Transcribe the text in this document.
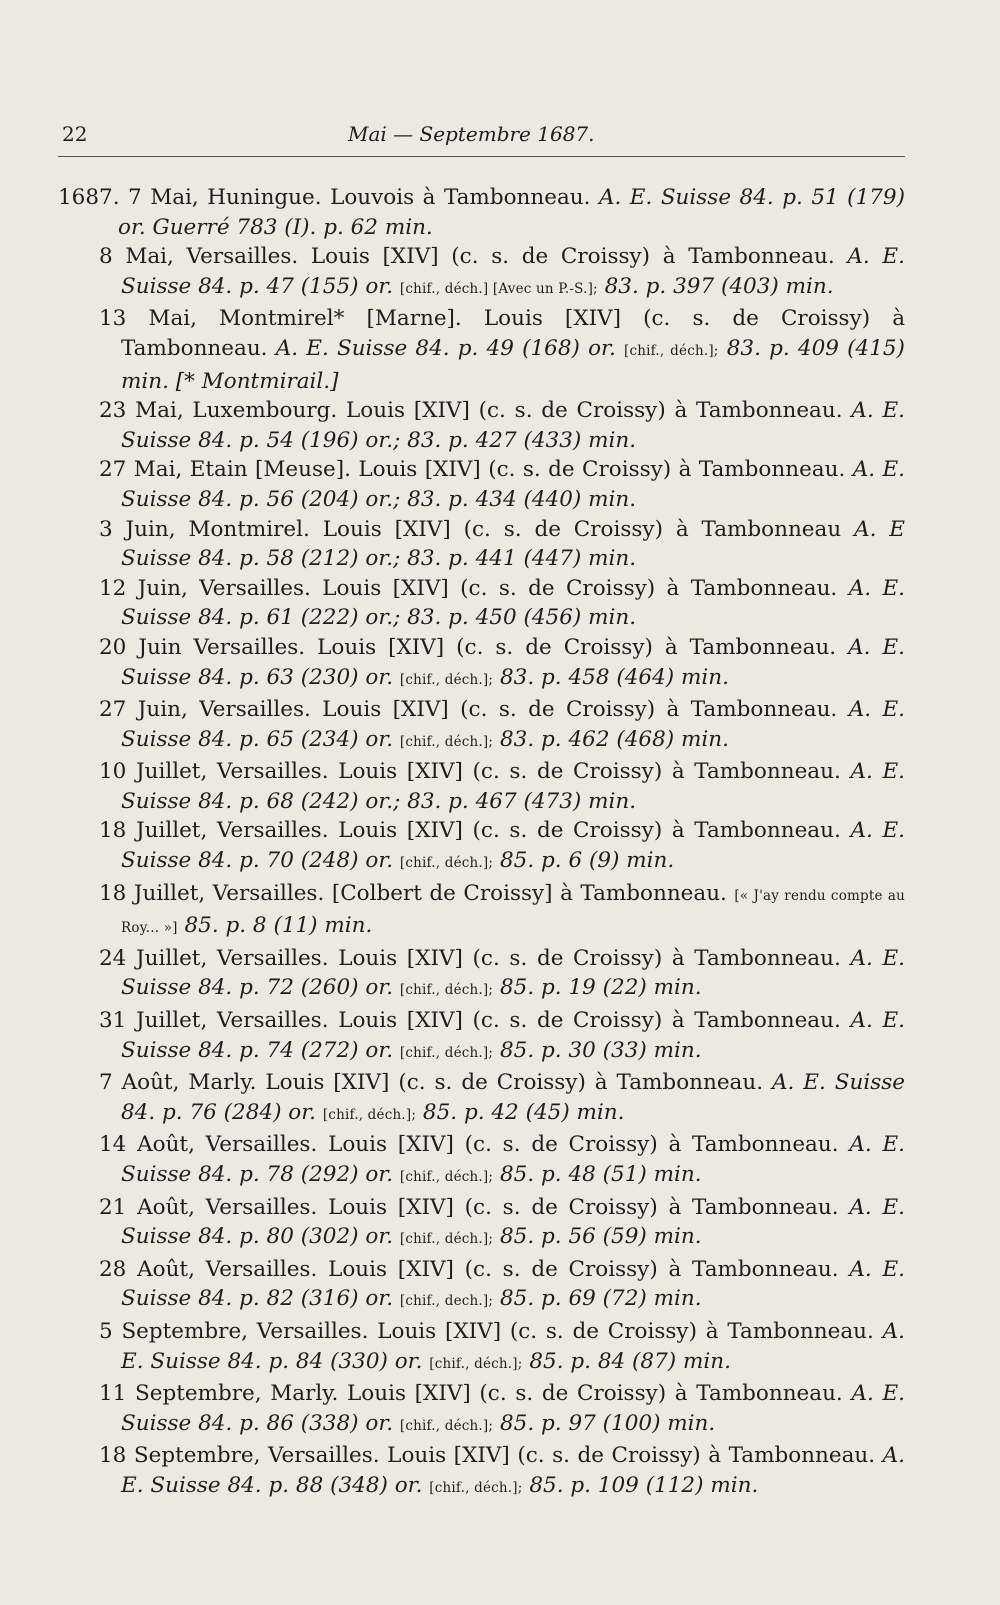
22	Mai — Septembre 1687.

1687. 7 Mai, Huningue. Louvois à Tambonneau. A. E. Suisse 84. p. 51 (179) or. Guerré 783 (I). p. 62 min.

8 Mai, Versailles. Louis [XIV] (c. s. de Croissy) à Tambonneau. A. E. Suisse 84. p. 47 (155) or. [chif., déch.] [Avec un P.-S.]; 83. p. 397 (403) min.

13 Mai, Montmirel* [Marne]. Louis [XIV] (c. s. de Croissy) à Tambonneau. A. E. Suisse 84. p. 49 (168) or. [chif., déch.]; 83. p. 409 (415) min. [* Montmirail.]

23 Mai, Luxembourg. Louis [XIV] (c. s. de Croissy) à Tambonneau. A. E. Suisse 84. p. 54 (196) or.; 83. p. 427 (433) min.

27 Mai, Etain [Meuse]. Louis [XIV] (c. s. de Croissy) à Tambonneau. A. E. Suisse 84. p. 56 (204) or.; 83. p. 434 (440) min.

3 Juin, Montmirel. Louis [XIV] (c. s. de Croissy) à Tambonneau A. E Suisse 84. p. 58 (212) or.; 83. p. 441 (447) min.

12 Juin, Versailles. Louis [XIV] (c. s. de Croissy) à Tambonneau. A. E. Suisse 84. p. 61 (222) or.; 83. p. 450 (456) min.

20 Juin Versailles. Louis [XIV] (c. s. de Croissy) à Tambonneau. A. E. Suisse 84. p. 63 (230) or. [chif., déch.]; 83. p. 458 (464) min.

27 Juin, Versailles. Louis [XIV] (c. s. de Croissy) à Tambonneau. A. E. Suisse 84. p. 65 (234) or. [chif., déch.]; 83. p. 462 (468) min.

10 Juillet, Versailles. Louis [XIV] (c. s. de Croissy) à Tambonneau. A. E. Suisse 84. p. 68 (242) or.; 83. p. 467 (473) min.

18 Juillet, Versailles. Louis [XIV] (c. s. de Croissy) à Tambonneau. A. E. Suisse 84. p. 70 (248) or. [chif., déch.]; 85. p. 6 (9) min.

18 Juillet, Versailles. [Colbert de Croissy] à Tambonneau. [« J'ay rendu compte au Roy... »] 85. p. 8 (11) min.

24 Juillet, Versailles. Louis [XIV] (c. s. de Croissy) à Tambonneau. A. E. Suisse 84. p. 72 (260) or. [chif., déch.]; 85. p. 19 (22) min.

31 Juillet, Versailles. Louis [XIV] (c. s. de Croissy) à Tambonneau. A. E. Suisse 84. p. 74 (272) or. [chif., déch.]; 85. p. 30 (33) min.

7 Août, Marly. Louis [XIV] (c. s. de Croissy) à Tambonneau. A. E. Suisse 84. p. 76 (284) or. [chif., déch.]; 85. p. 42 (45) min.

14 Août, Versailles. Louis [XIV] (c. s. de Croissy) à Tambonneau. A. E. Suisse 84. p. 78 (292) or. [chif., déch.]; 85. p. 48 (51) min.

21 Août, Versailles. Louis [XIV] (c. s. de Croissy) à Tambonneau. A. E. Suisse 84. p. 80 (302) or. [chif., déch.]; 85. p. 56 (59) min.

28 Août, Versailles. Louis [XIV] (c. s. de Croissy) à Tambonneau. A. E. Suisse 84. p. 82 (316) or. [chif., dech.]; 85. p. 69 (72) min.

5 Septembre, Versailles. Louis [XIV] (c. s. de Croissy) à Tambonneau. A. E. Suisse 84. p. 84 (330) or. [chif., déch.]; 85. p. 84 (87) min.

11 Septembre, Marly. Louis [XIV] (c. s. de Croissy) à Tambonneau. A. E. Suisse 84. p. 86 (338) or. [chif., déch.]; 85. p. 97 (100) min.

18 Septembre, Versailles. Louis [XIV] (c. s. de Croissy) à Tambonneau. A. E. Suisse 84. p. 88 (348) or. [chif., déch.]; 85. p. 109 (112) min.
